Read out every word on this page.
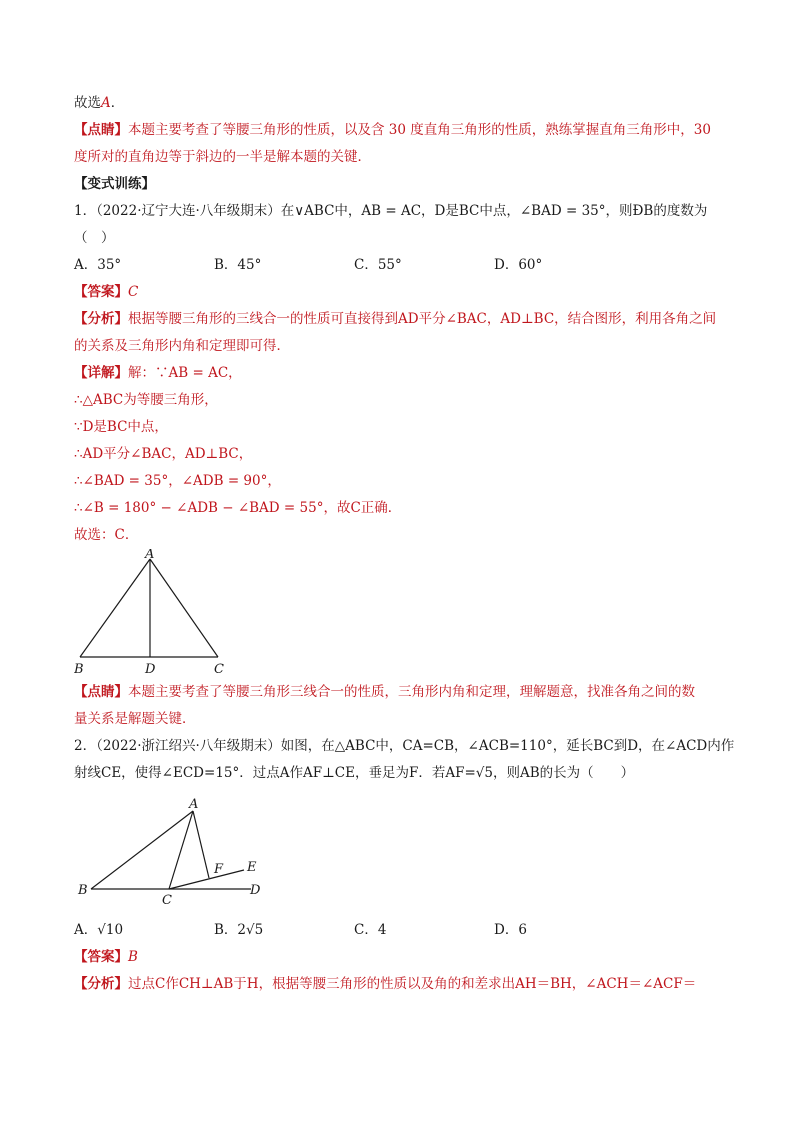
故选A．
【点睛】本题主要考查了等腰三角形的性质，以及含 30 度直角三角形的性质，熟练掌握直角三角形中，30
度所对的直角边等于斜边的一半是解本题的关键．
【变式训练】
1．（2022·辽宁大连·八年级期末）在∨ABC中，AB = AC，D是BC中点，∠BAD = 35°，则ÐB的度数为
（　）
A．35°	B．45°	C．55°	D．60°
【答案】C
【分析】根据等腰三角形的三线合一的性质可直接得到AD平分∠BAC，AD⊥BC，结合图形，利用各角之间
的关系及三角形内角和定理即可得．
【详解】解：∵AB = AC，
∴△ABC为等腰三角形，
∵D是BC中点，
∴AD平分∠BAC，AD⊥BC，
∴∠BAD = 35°，∠ADB = 90°，
∴∠B = 180° − ∠ADB − ∠BAD = 55°，故C正确．
故选：C．
A
B	D	C
【点睛】本题主要考查了等腰三角形三线合一的性质，三角形内角和定理，理解题意，找准各角之间的数
量关系是解题关键．
2．（2022·浙江绍兴·八年级期末）如图，在△ABC中，CA=CB，∠ACB=110°，延长BC到D，在∠ACD内作
射线CE，使得∠ECD=15°．过点A作AF⊥CE，垂足为F．若AF=√5，则AB的长为（　　）
A
B
C
D
E
F
A．√10	B．2√5	C．4	D．6
【答案】B
【分析】过点C作CH⊥AB于H，根据等腰三角形的性质以及角的和差求出AH＝BH，∠ACH＝∠ACF＝
